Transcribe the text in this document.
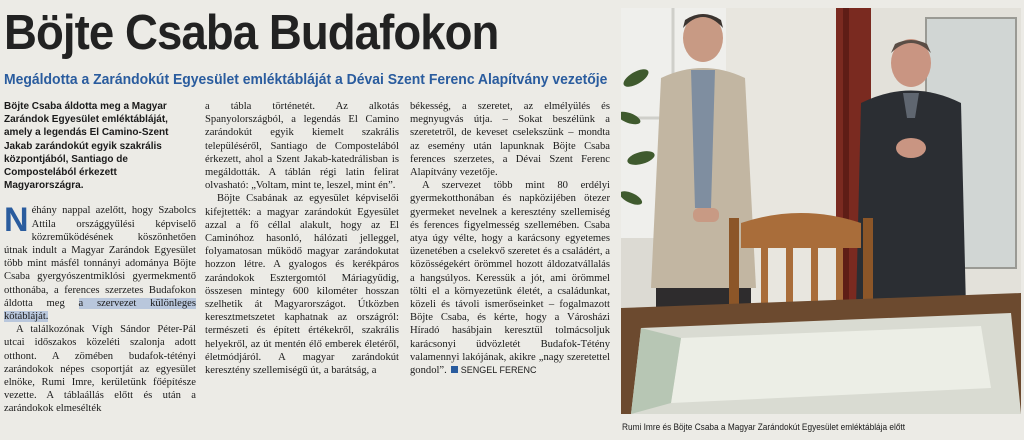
Böjte Csaba Budafokon
Megáldotta a Zarándokút Egyesület emléktábláját a Dévai Szent Ferenc Alapítvány vezetője

Böjte Csaba áldotta meg a Magyar Zarándok Egyesület emléktábláját, amely a legendás El Camino-Szent Jakab zarándokút egyik szakrális központjából, Santiago de Compostelából érkezett Magyarországra.

Néhány nappal azelőtt, hogy Szabolcs Attila országgyűlési képviselő közreműködésének köszönhetően útnak indult a Magyar Zarándok Egyesület több mint másfél tonnányi adománya Böjte Csaba gyergyószentmiklósi gyermekmentő otthonába, a ferences szerzetes Budafokon áldotta meg a szervezet különleges kőtábláját.

A találkozónak Vígh Sándor Péter-Pál utcai időszakos közeléti szalonja adott otthont. A zömében budafok-tétényi zarándokok népes csoportját az egyesület elnöke, Rumi Imre, kerületünk főépítésze vezette. A táblaállás előtt és után a zarándokok elmesélték

a tábla történetét. Az alkotás Spanyolországból, a legendás El Camino zarándokút egyik kiemelt szakrális településéről, Santiago de Compostelából érkezett, ahol a Szent Jakab-katedrálisban is megáldották. A táblán régi latin felirat olvasható: „Voltam, mint te, leszel, mint én”.

Böjte Csabának az egyesület képviselői kifejtették: a magyar zarándokút Egyesület azzal a fő céllal alakult, hogy az El Caminóhoz hasonló, hálózati jelleggel, folyamatosan működő magyar zarándokutat hozzon létre. A gyalogos és kerékpáros zarándokok Esztergomtól Máriagyűdig, összesen mintegy 600 kilométer hosszan szelhetik át Magyarországot. Útközben keresztmetszetet kaphatnak az országról: természeti és épített értékekről, szakrális helyekről, az út mentén élő emberek életéről, életmódjáról. A magyar zarándokút keresztény szellemiségű út, a barátság, a

békesség, a szeretet, az elmélyülés és megnyugvás útja. – Sokat beszélünk a szeretetről, de keveset cselekszünk – mondta az esemény után lapunknak Böjte Csaba ferences szerzetes, a Dévai Szent Ferenc Alapítvány vezetője.

A szervezet több mint 80 erdélyi gyermekotthonában és napközijében ötezer gyermeket nevelnek a keresztény szellemiség és ferences figyelmesség szellemében. Csaba atya úgy vélte, hogy a karácsony egyetemes üzenetében a cselekvő szeretet és a családért, a közösségekért örömmel hozott áldozatvállalás a hangsúlyos. Keressük a jót, ami örömmel tölti el a környezetünk életét, a családunkat, közeli és távoli ismerőseinket – fogalmazott Böjte Csaba, és kérte, hogy a Városházi Híradó hasábjain keresztül tolmácsoljuk karácsonyi üdvözletét Budafok-Tétény valamennyi lakójának, akikre „nagy szeretettel gondol”. SENGEL FERENC

Rumi Imre és Böjte Csaba a Magyar Zarándokút Egyesület emléktáblája előtt
